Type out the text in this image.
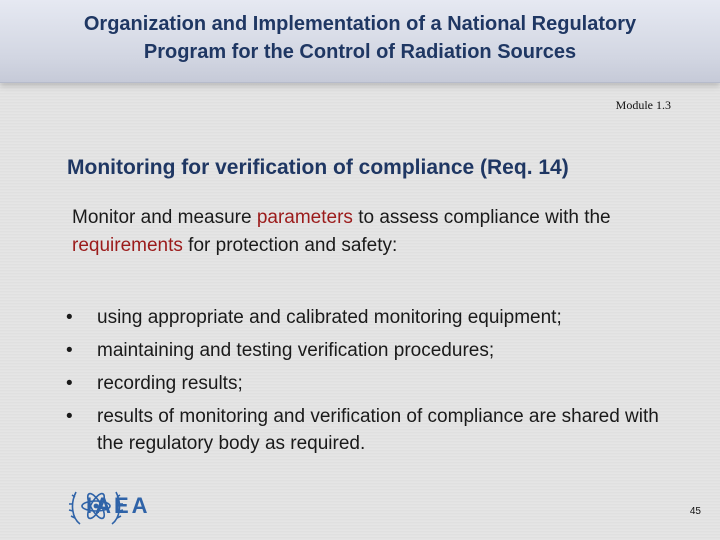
Organization and Implementation of a National Regulatory
Program for the Control of Radiation Sources
Module 1.3
Monitoring for verification of compliance (Req. 14)
Monitor and measure parameters to assess compliance with the requirements for protection and safety:
• using appropriate and calibrated monitoring equipment;
• maintaining and testing verification procedures;
• recording results;
• results of monitoring and verification of compliance are shared with the regulatory body as required.
IAEA	45
